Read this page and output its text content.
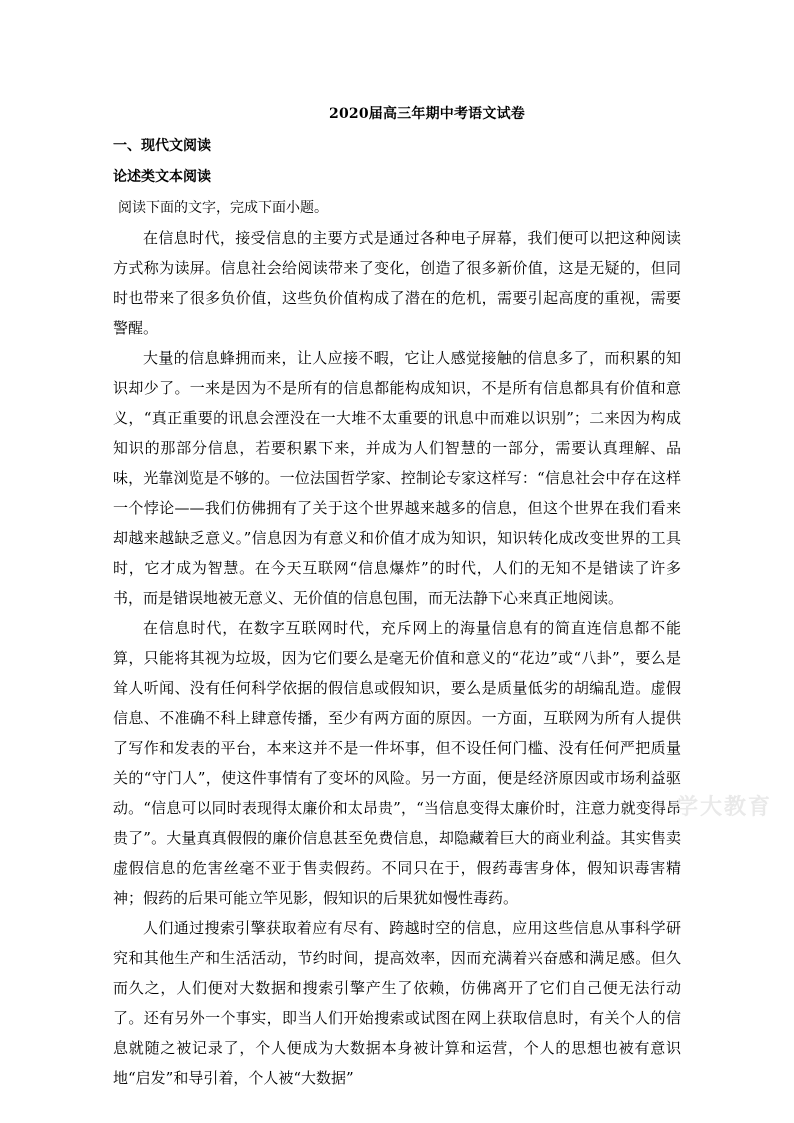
2020届高三年期中考语文试卷
一、现代文阅读
论述类文本阅读
阅读下面的文字，完成下面小题。

在信息时代，接受信息的主要方式是通过各种电子屏幕，我们便可以把这种阅读方式称为读屏。信息社会给阅读带来了变化，创造了很多新价值，这是无疑的，但同时也带来了很多负价值，这些负价值构成了潜在的危机，需要引起高度的重视，需要警醒。

大量的信息蜂拥而来，让人应接不暇，它让人感觉接触的信息多了，而积累的知识却少了。一来是因为不是所有的信息都能构成知识，不是所有信息都具有价值和意义，“真正重要的讯息会湮没在一大堆不太重要的讯息中而难以识别”；二来因为构成知识的那部分信息，若要积累下来，并成为人们智慧的一部分，需要认真理解、品味，光靠浏览是不够的。一位法国哲学家、控制论专家这样写：“信息社会中存在这样一个悖论——我们仿佛拥有了关于这个世界越来越多的信息，但这个世界在我们看来却越来越缺乏意义。”信息因为有意义和价值才成为知识，知识转化成改变世界的工具时，它才成为智慧。在今天互联网“信息爆炸”的时代，人们的无知不是错读了许多书，而是错误地被无意义、无价值的信息包围，而无法静下心来真正地阅读。

在信息时代，在数字互联网时代，充斥网上的海量信息有的简直连信息都不能算，只能将其视为垃圾，因为它们要么是毫无价值和意义的“花边”或“八卦”，要么是耸人听闻、没有任何科学依据的假信息或假知识，要么是质量低劣的胡编乱造。虚假信息、不准确不科上肆意传播，至少有两方面的原因。一方面，互联网为所有人提供了写作和发表的平台，本来这并不是一件坏事，但不设任何门槛、没有任何严把质量关的“守门人”，使这件事情有了变坏的风险。另一方面，便是经济原因或市场利益驱动。“信息可以同时表现得太廉价和太昂贵”，“当信息变得太廉价时，注意力就变得昂贵了”。大量真真假假的廉价信息甚至免费信息，却隐藏着巨大的商业利益。其实售卖虚假信息的危害丝毫不亚于售卖假药。不同只在于，假药毒害身体，假知识毒害精神；假药的后果可能立竿见影，假知识的后果犹如慢性毒药。

人们通过搜索引擎获取着应有尽有、跨越时空的信息，应用这些信息从事科学研究和其他生产和生活活动，节约时间，提高效率，因而充满着兴奋感和满足感。但久而久之，人们便对大数据和搜索引擎产生了依赖，仿佛离开了它们自己便无法行动了。还有另外一个事实，即当人们开始搜索或试图在网上获取信息时，有关个人的信息就随之被记录了，个人便成为大数据本身被计算和运营，个人的思想也被有意识地“启发”和导引着，个人被“大数据”

学大教育
